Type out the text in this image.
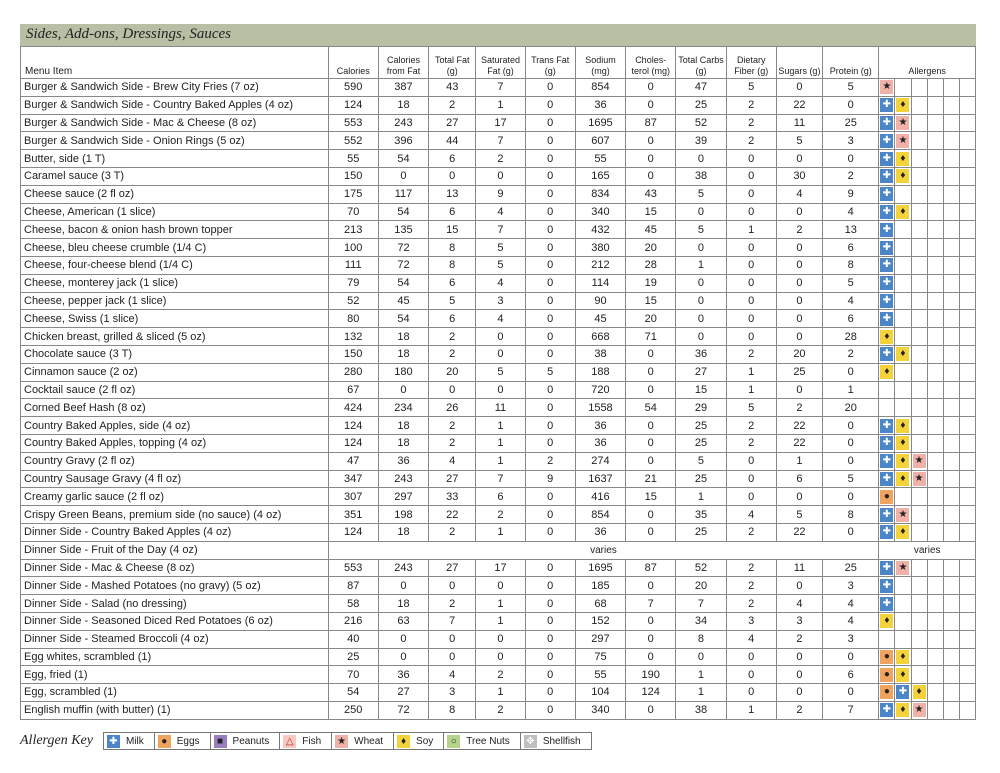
Sides, Add-ons, Dressings, Sauces
Menu Item	Calories	Calories from Fat	Total Fat (g)	Saturated Fat (g)	Trans Fat (g)	Sodium (mg)	Choles-terol (mg)	Total Carbs (g)	Dietary Fiber (g)	Sugars (g)	Protein (g)	Allergens					
Burger & Sandwich Side - Brew City Fries (7 oz)	590	387	43	7	0	854	0	47	5	0	5	★					
Burger & Sandwich Side - Country Baked Apples (4 oz)	124	18	2	1	0	36	0	25	2	22	0	✚	♦				
Burger & Sandwich Side - Mac & Cheese (8 oz)	553	243	27	17	0	1695	87	52	2	11	25	✚	★				
Burger & Sandwich Side - Onion Rings (5 oz)	552	396	44	7	0	607	0	39	2	5	3	✚	★				
Butter, side (1 T)	55	54	6	2	0	55	0	0	0	0	0	✚	♦				
Caramel sauce (3 T)	150	0	0	0	0	165	0	38	0	30	2	✚	♦				
Cheese sauce (2 fl oz)	175	117	13	9	0	834	43	5	0	4	9	✚					
Cheese, American (1 slice)	70	54	6	4	0	340	15	0	0	0	4	✚	♦				
Cheese, bacon & onion hash brown topper	213	135	15	7	0	432	45	5	1	2	13	✚					
Cheese, bleu cheese crumble (1/4 C)	100	72	8	5	0	380	20	0	0	0	6	✚					
Cheese, four-cheese blend (1/4 C)	111	72	8	5	0	212	28	1	0	0	8	✚					
Cheese, monterey jack (1 slice)	79	54	6	4	0	114	19	0	0	0	5	✚					
Cheese, pepper jack (1 slice)	52	45	5	3	0	90	15	0	0	0	4	✚					
Cheese, Swiss (1 slice)	80	54	6	4	0	45	20	0	0	0	6	✚					
Chicken breast, grilled & sliced (5 oz)	132	18	2	0	0	668	71	0	0	0	28	♦					
Chocolate sauce (3 T)	150	18	2	0	0	38	0	36	2	20	2	✚	♦				
Cinnamon sauce (2 oz)	280	180	20	5	5	188	0	27	1	25	0	♦					
Cocktail sauce (2 fl oz)	67	0	0	0	0	720	0	15	1	0	1						
Corned Beef Hash (8 oz)	424	234	26	11	0	1558	54	29	5	2	20						
Country Baked Apples, side (4 oz)	124	18	2	1	0	36	0	25	2	22	0	✚	♦				
Country Baked Apples, topping (4 oz)	124	18	2	1	0	36	0	25	2	22	0	✚	♦				
Country Gravy (2 fl oz)	47	36	4	1	2	274	0	5	0	1	0	✚	♦	★			
Country Sausage Gravy (4 fl oz)	347	243	27	7	9	1637	21	25	0	6	5	✚	♦	★			
Creamy garlic sauce (2 fl oz)	307	297	33	6	0	416	15	1	0	0	0	●					
Crispy Green Beans, premium side (no sauce) (4 oz)	351	198	22	2	0	854	0	35	4	5	8	✚	★				
Dinner Side - Country Baked Apples (4 oz)	124	18	2	1	0	36	0	25	2	22	0	✚	♦				
Dinner Side - Fruit of the Day (4 oz)	varies											varies					
Dinner Side - Mac & Cheese (8 oz)	553	243	27	17	0	1695	87	52	2	11	25	✚	★				
Dinner Side - Mashed Potatoes (no gravy) (5 oz)	87	0	0	0	0	185	0	20	2	0	3	✚					
Dinner Side - Salad (no dressing)	58	18	2	1	0	68	7	7	2	4	4	✚					
Dinner Side - Seasoned Diced Red Potatoes (6 oz)	216	63	7	1	0	152	0	34	3	3	4	♦					
Dinner Side - Steamed Broccoli (4 oz)	40	0	0	0	0	297	0	8	4	2	3						
Egg whites, scrambled (1)	25	0	0	0	0	75	0	0	0	0	0	●	♦				
Egg, fried (1)	70	36	4	2	0	55	190	1	0	0	6	●	♦				
Egg, scrambled (1)	54	27	3	1	0	104	124	1	0	0	0	●	✚	♦			
English muffin (with butter) (1)	250	72	8	2	0	340	0	38	1	2	7	✚	♦	★			
Allergen Key ✚ Milk	● Eggs	■ Peanuts △ Fish ★ Wheat	♦ Soy	○ Tree Nuts ✥ Shellfish
